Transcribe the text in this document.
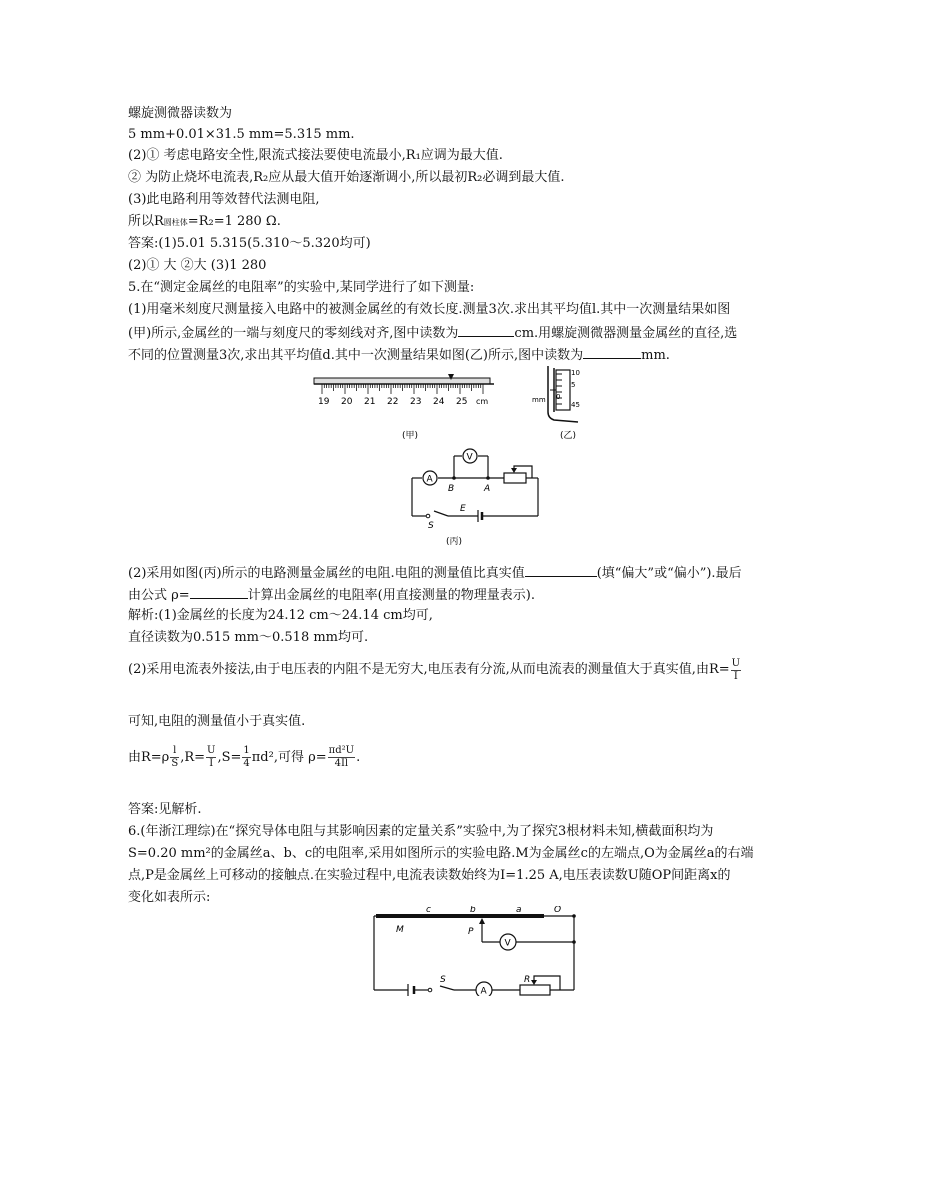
螺旋测微器读数为
5 mm+0.01×31.5 mm=5.315 mm.
(2)① 考虑电路安全性,限流式接法要使电流最小,R₁应调为最大值.
② 为防止烧坏电流表,R₂应从最大值开始逐渐调小,所以最初R₂必调到最大值.
(3)此电路利用等效替代法测电阻,
所以R圆柱体=R₂=1 280 Ω.
答案:(1)5.01 5.315(5.310～5.320均可)
(2)① 大 ②大 (3)1 280
5.在“测定金属丝的电阻率”的实验中,某同学进行了如下测量:
(1)用毫米刻度尺测量接入电路中的被测金属丝的有效长度.测量3次.求出其平均值l.其中一次测量结果如图
(甲)所示,金属丝的一端与刻度尺的零刻线对齐,图中读数为	cm.用螺旋测微器测量金属丝的直径,选
不同的位置测量3次,求出其平均值d.其中一次测量结果如图(乙)所示,图中读数为	mm.
19 20 21 22 23 24 25 cm
(甲)
10
5
0
45
mm
(乙)
A
V
B	A
S
E
(丙)
(2)采用如图(丙)所示的电路测量金属丝的电阻.电阻的测量值比真实值	(填“偏大”或“偏小”).最后
由公式 ρ=	计算出金属丝的电阻率(用直接测量的物理量表示).
解析:(1)金属丝的长度为24.12 cm～24.14 cm均可,
直径读数为0.515 mm～0.518 mm均可.
(2)采用电流表外接法,由于电压表的内阻不是无穷大,电压表有分流,从而电流表的测量值大于真实值,由$R= \frac{U}{I}$
可知,电阻的测量值小于真实值.
由$R=\rho \frac{l}{S} ,R= \frac{U}{I} ,S= \frac{1}{4} \pi d^2$,可得 $\rho= \frac{\text{πd²U}}{4Il}$ .
答案:见解析.
6.(年浙江理综)在“探究导体电阻与其影响因素的定量关系”实验中,为了探究3根材料未知,横截面积均为
S=0.20 mm²的金属丝a、b、c的电阻率,采用如图所示的实验电路.M为金属丝c的左端点,O为金属丝a的右端
点,P是金属丝上可移动的接触点.在实验过程中,电流表读数始终为I=1.25 A,电压表读数U随OP间距离x的
变化如表所示:
V
A
c	b	a	O
M	P
S	R
